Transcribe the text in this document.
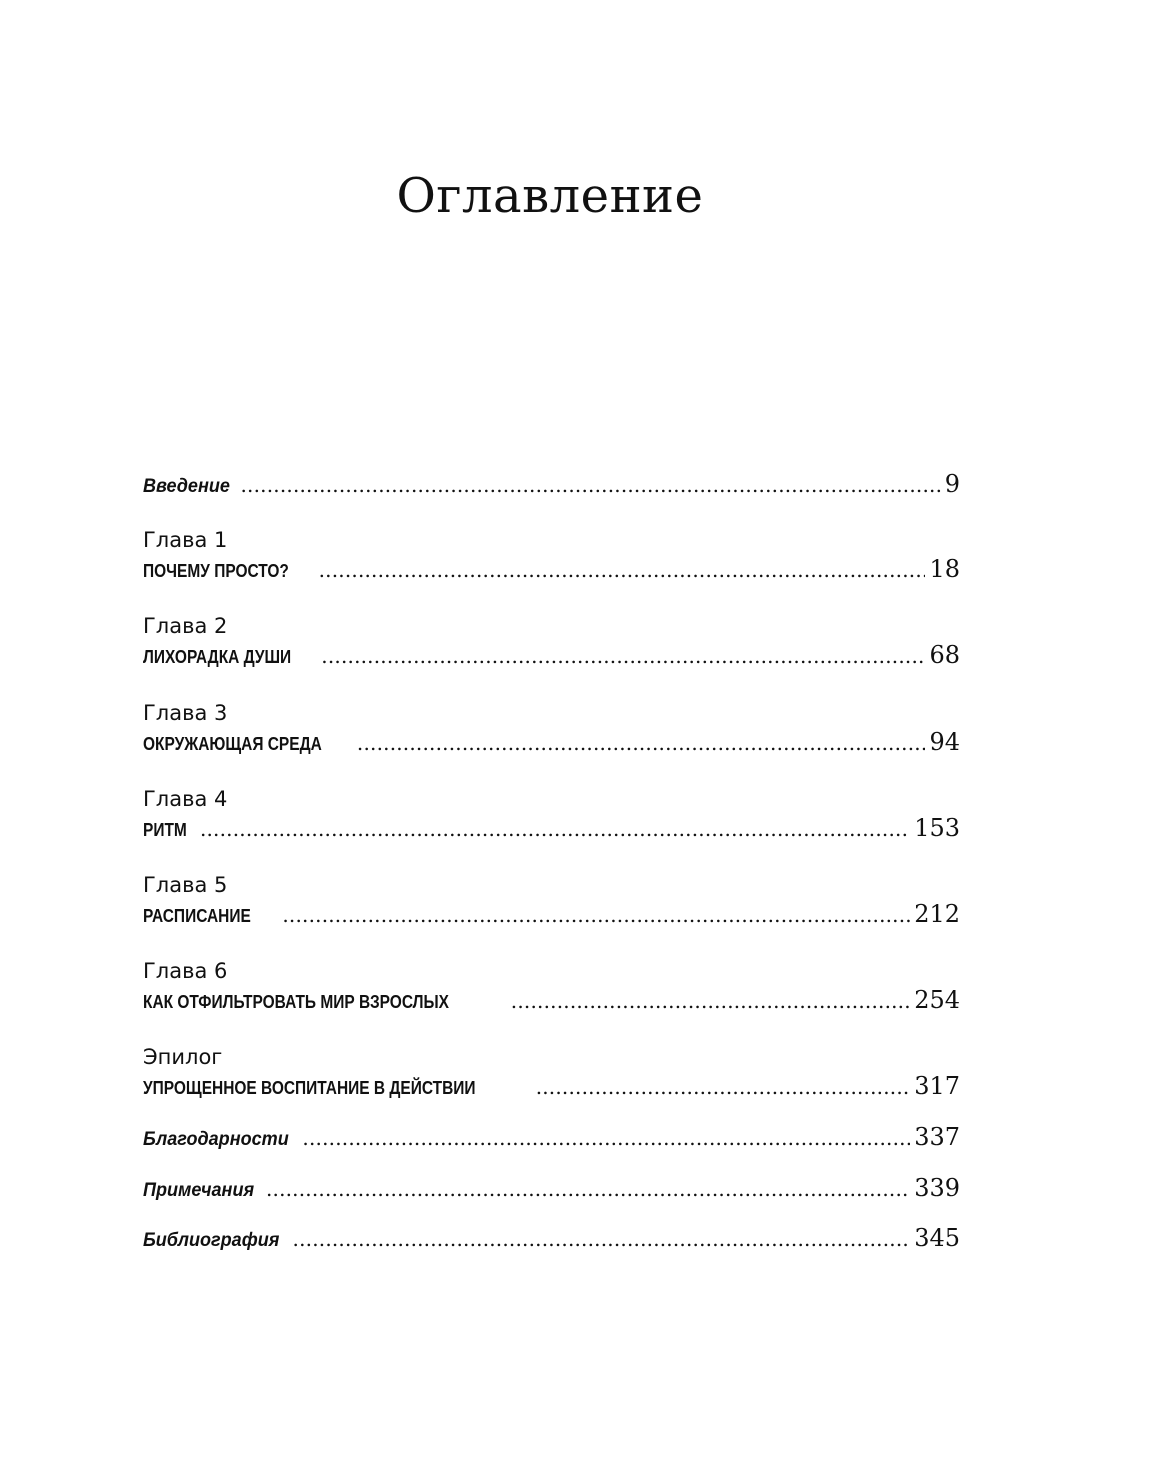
Оглавление
Введение .....	9
Глава 1
ПОЧЕМУ ПРОСТО? .....	18
Глава 2
ЛИХОРАДКА ДУШИ .....	68
Глава 3
ОКРУЖАЮЩАЯ СРЕДА .....	94
Глава 4
РИТМ .....	153
Глава 5
РАСПИСАНИЕ .....	212
Глава 6
КАК ОТФИЛЬТРОВАТЬ МИР ВЗРОСЛЫХ .....	254
Эпилог
УПРОЩЕННОЕ ВОСПИТАНИЕ В ДЕЙСТВИИ .....	317
Благодарности .....	337
Примечания .....	339
Библиография .....	345
